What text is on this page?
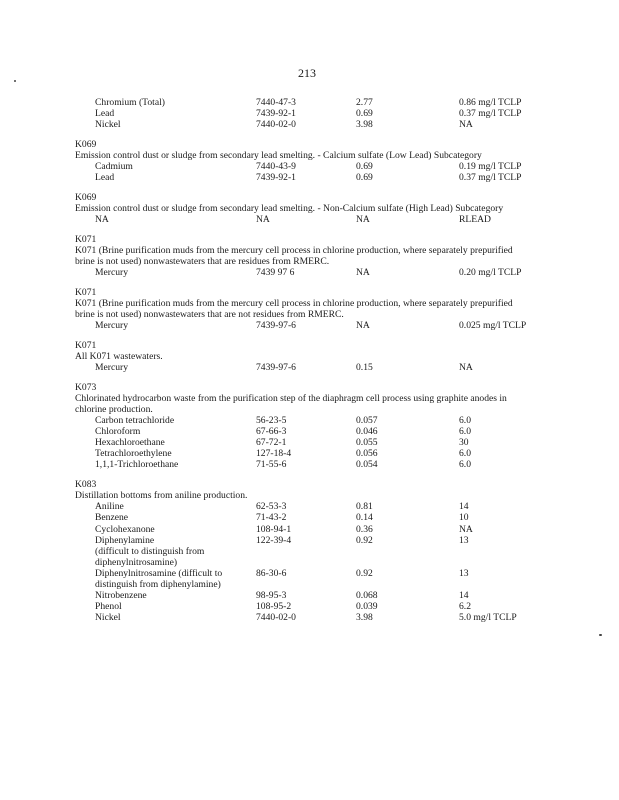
213
Chromium (Total)	7440-47-3	2.77	0.86 mg/l TCLP
Lead	7439-92-1	0.69	0.37 mg/l TCLP
Nickel	7440-02-0	3.98	NA
K069
Emission control dust or sludge from secondary lead smelting. - Calcium sulfate (Low Lead) Subcategory
Cadmium	7440-43-9	0.69	0.19 mg/l TCLP
Lead	7439-92-1	0.69	0.37 mg/l TCLP
K069
Emission control dust or sludge from secondary lead smelting. - Non-Calcium sulfate (High Lead) Subcategory
NA	NA	NA	RLEAD
K071
K071 (Brine purification muds from the mercury cell process in chlorine production, where separately prepurified
brine is not used) nonwastewaters that are residues from RMERC.
Mercury	7439 97 6	NA	0.20 mg/l TCLP
K071
K071 (Brine purification muds from the mercury cell process in chlorine production, where separately prepurified
brine is not used) nonwastewaters that are not residues from RMERC.
Mercury	7439-97-6	NA	0.025 mg/l TCLP
K071
All K071 wastewaters.
Mercury	7439-97-6	0.15	NA
K073
Chlorinated hydrocarbon waste from the purification step of the diaphragm cell process using graphite anodes in
chlorine production.
Carbon tetrachloride	56-23-5	0.057	6.0
Chloroform	67-66-3	0.046	6.0
Hexachloroethane	67-72-1	0.055	30
Tetrachloroethylene	127-18-4	0.056	6.0
1,1,1-Trichloroethane	71-55-6	0.054	6.0
K083
Distillation bottoms from aniline production.
Aniline	62-53-3	0.81	14
Benzene	71-43-2	0.14	10
Cyclohexanone	108-94-1	0.36	NA
Diphenylamine	122-39-4	0.92	13
(difficult to distinguish from
diphenylnitrosamine)
Diphenylnitrosamine (difficult to	86-30-6	0.92	13
distinguish from diphenylamine)
Nitrobenzene	98-95-3	0.068	14
Phenol	108-95-2	0.039	6.2
Nickel	7440-02-0	3.98	5.0 mg/l TCLP
